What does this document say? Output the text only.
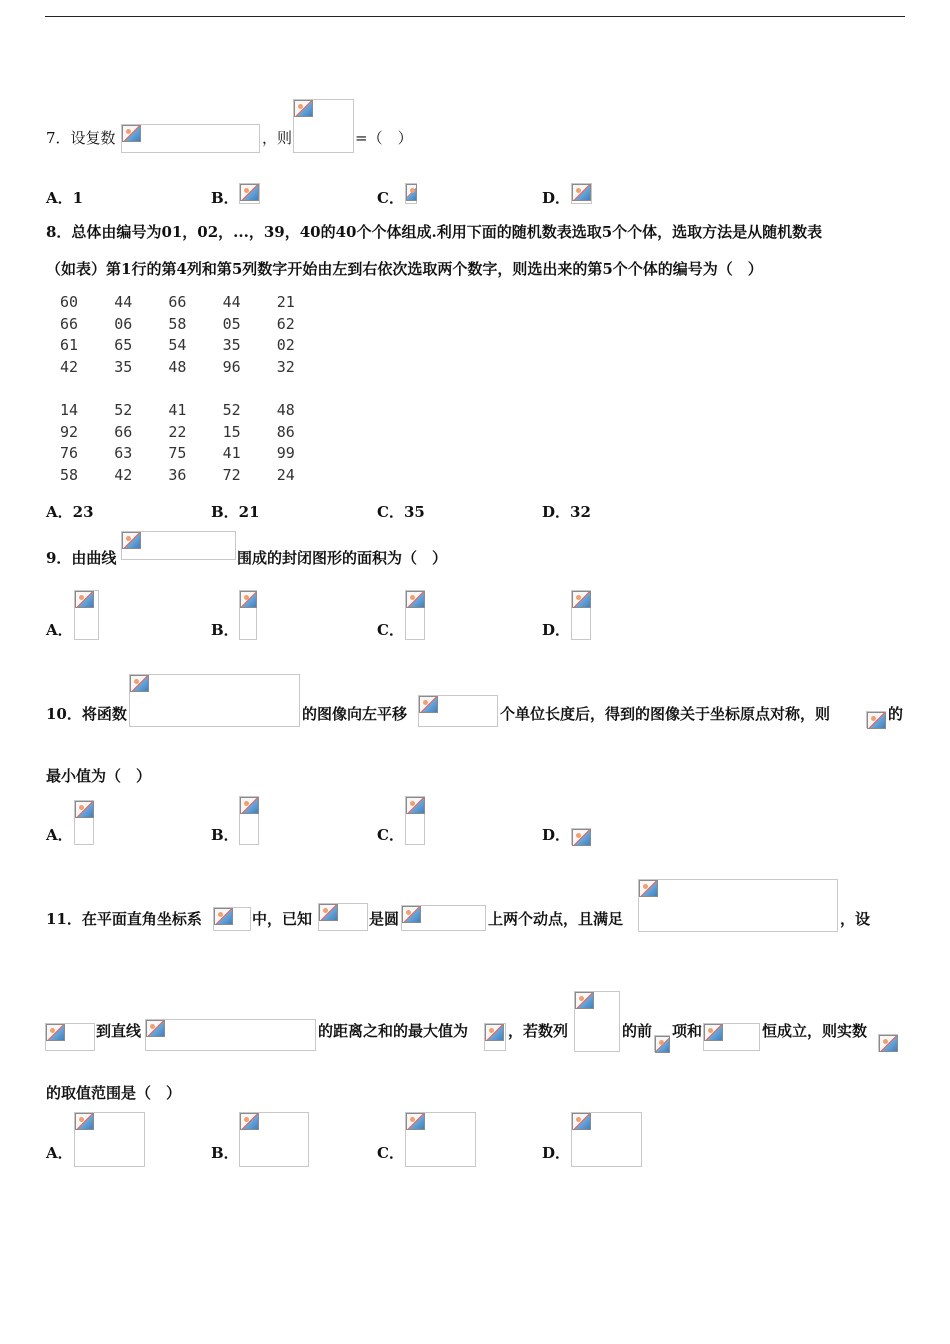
7．设复数	，则	=（　）
A．1	B．	C．	D．
8．总体由编号为01，02，...，39，40的40个个体组成.利用下面的随机数表选取5个个体，选取方法是从随机数表
（如表）第1行的第4列和第5列数字开始由左到右依次选取两个数字，则选出来的第5个个体的编号为（　）
60 44 66 44 21
66 06 58 05 62
61 65 54 35 02
42 35 48 96 32
14 52 41 52 48
92 66 22 15 86
76 63 75 41 99
58 42 36 72 24
A．23	B．21	C．35	D．32
9．由曲线	围成的封闭图形的面积为（　）
A．	B．	C．	D．
10．将函数	的图像向左平移	个单位长度后，得到的图像关于坐标原点对称，则	的
最小值为（　）
A．	B．	C．	D．
11．在平面直角坐标系	中，已知	是圆	上两个动点，且满足	，设
到直线	的距离之和的最大值为	，若数列	的前 项和	恒成立，则实数
的取值范围是（　）
A．	B．	C．	D．
